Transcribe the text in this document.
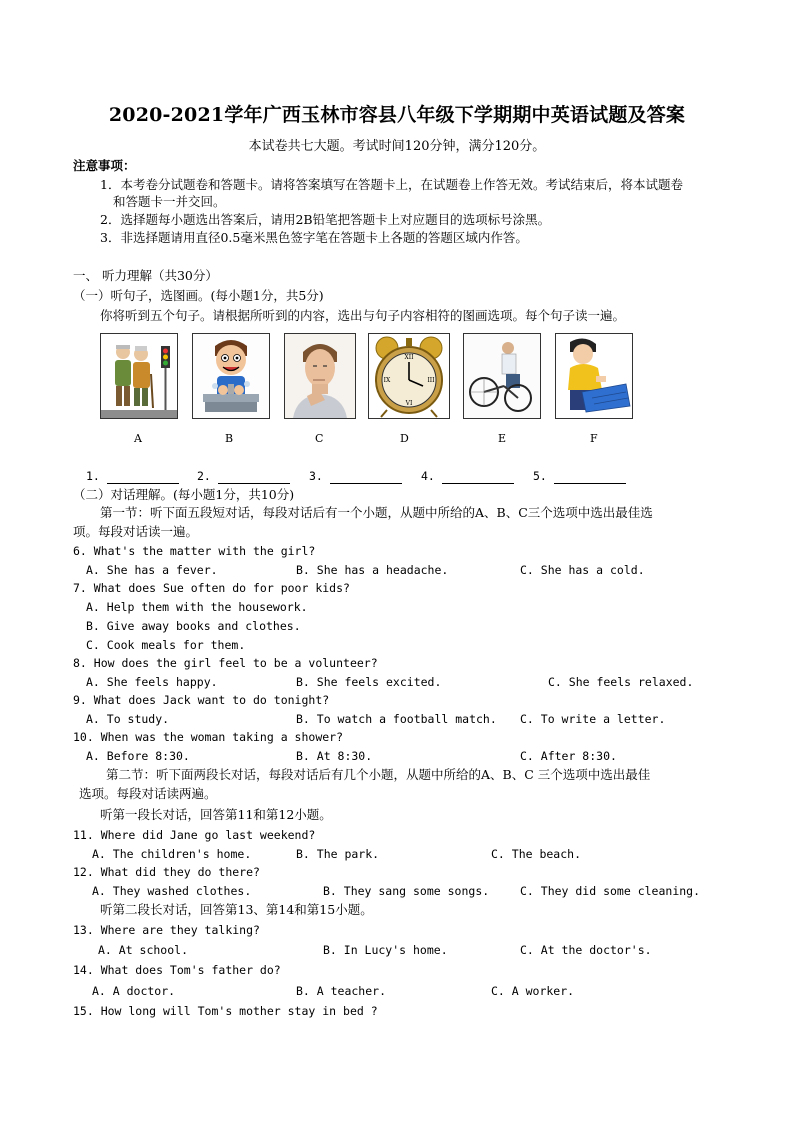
2020-2021学年广西玉林市容县八年级下学期期中英语试题及答案
本试卷共七大题。考试时间120分钟，满分120分。
注意事项：
1．本考卷分试题卷和答题卡。请将答案填写在答题卡上，在试题卷上作答无效。考试结束后，将本试题卷
和答题卡一并交回。
2．选择题每小题选出答案后，请用2B铅笔把答题卡上对应题目的选项标号涂黑。
3．非选择题请用直径0.5毫米黑色签字笔在答题卡上各题的答题区域内作答。
一、 听力理解（共30分）
（一）听句子，选图画。(每小题1分，共5分)
你将听到五个句子。请根据所听到的内容，选出与句子内容相符的图画选项。每个句子读一遍。
XII
III
VI
IX
A	B	C	D	E	F
1.	2.	3.	4.	5.
（二）对话理解。(每小题1分，共10分)
第一节：听下面五段短对话，每段对话后有一个小题，从题中所给的A、B、C三个选项中选出最佳选
项。每段对话读一遍。
6. What's the matter with the girl?
A. She has a fever.	B. She has a headache.	C. She has a cold.
7. What does Sue often do for poor kids?
A. Help them with the housework.
B. Give away books and clothes.
C. Cook meals for them.
8. How does the girl feel to be a volunteer?
A. She feels happy.	B. She feels excited.	C. She feels relaxed.
9. What does Jack want to do tonight?
A. To study.	B. To watch a football match. C. To write a letter.
10. When was the woman taking a shower?
A. Before 8:30.	B. At 8:30.	C. After 8:30.
第二节：听下面两段长对话，每段对话后有几个小题，从题中所给的A、B、C 三个选项中选出最佳
选项。每段对话读两遍。
听第一段长对话，回答第11和第12小题。
11. Where did Jane go last weekend?
A. The children's home.	B. The park.	C. The beach.
12. What did they do there?
A. They washed clothes.	B. They sang some songs.	C. They did some cleaning.
听第二段长对话，回答第13、第14和第15小题。
13. Where are they talking?
A. At school.	B. In Lucy's home.	C. At the doctor's.
14. What does Tom's father do?
A. A doctor.	B. A teacher.	C. A worker.
15. How long will Tom's mother stay in bed ?
